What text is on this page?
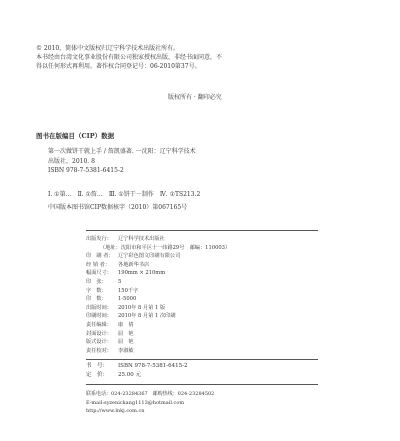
© 2010，简体中文版权归辽宁科学技术出版社所有。
本书经由台湾文化事业股份有限公司独家授权出版，非经书面同意，不
得以任何形式再利用。著作权合同登记号：06-2010第37号。
版权所有 · 翻印必究
图书在版编目（CIP）数据
第一次做饼干就上手 / 詹凯盛著. 一沈阳：辽宁科学技术
出版社，2010. 8
ISBN 978-7-5381-6415-2
Ⅰ. ①第…　Ⅱ. ①詹…　Ⅲ. ①饼干－制作　Ⅳ. ①TS213.2
中国版本图书馆CIP数据核字（2010）第067165号
出版发行： 辽宁科学技术出版社
（地址：沈阳市和平区十一纬路29号　邮编：110003）
印　刷 者： 辽宁彩色图文印刷有限公司
经 销 者： 各地新华书店
幅面尺寸： 190mm × 210mm
印　张： 5
字　数： 150千字
印　数： 1-5000
出版时间： 2010年 8 月第 1 版
印刷时间： 2010年 8 月第 1 次印刷
责任编辑： 康　倩
封面设计： 屈　艳
版式设计： 屈　艳
责任校对： 李淑敏
书　号： ISBN 978-7-5381-6415-2
定　价： 25.00 元
联系电话：024-23284367　邮购热线：024-23284502
E-mail:syzenickang1113@hotmail.com
http://www.lnkj.com.cn
